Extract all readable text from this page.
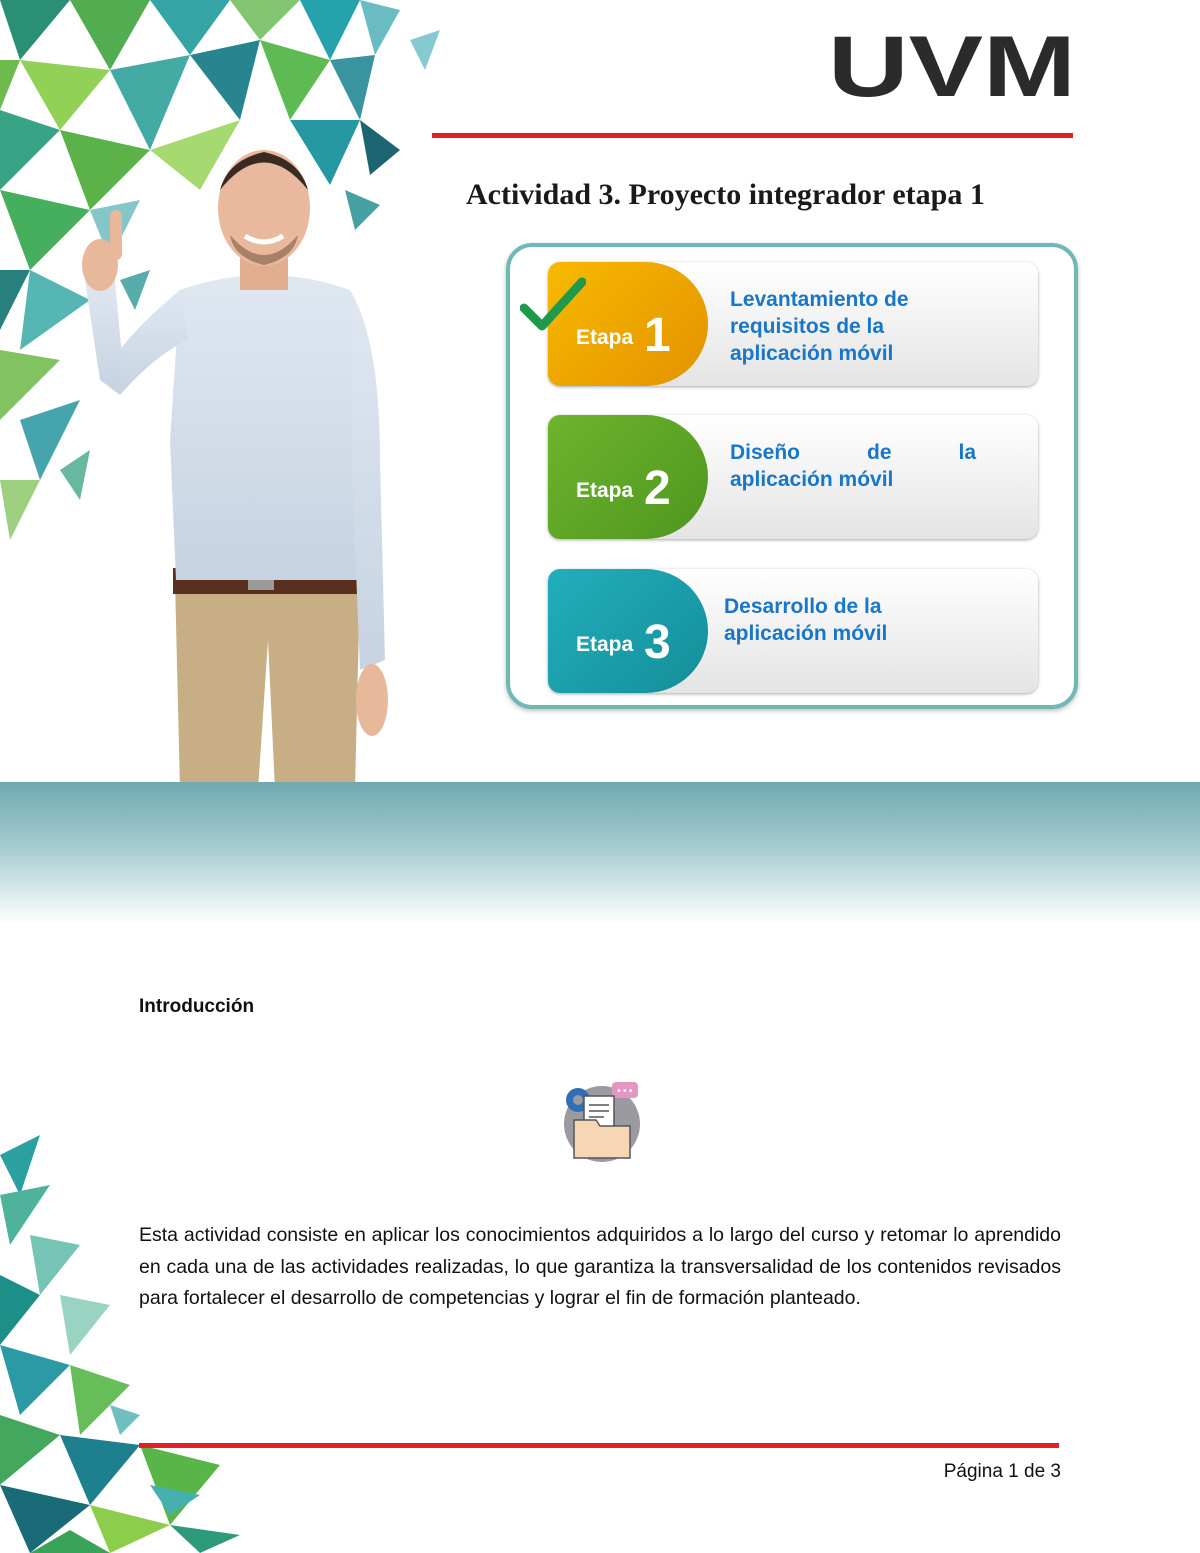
UVM
Actividad 3. Proyecto integrador etapa 1
Etapa 1
Levantamiento de
requisitos de la
aplicación móvil
Etapa 2
Diseño de la
aplicación móvil
Etapa 3
Desarrollo de la
aplicación móvil
Introducción
•••
Esta actividad consiste en aplicar los conocimientos adquiridos a lo largo del curso y retomar lo aprendido en cada una de las actividades realizadas, lo que garantiza la transversalidad de los contenidos revisados para fortalecer el desarrollo de competencias y lograr el fin de formación planteado.
Página 1 de 3
